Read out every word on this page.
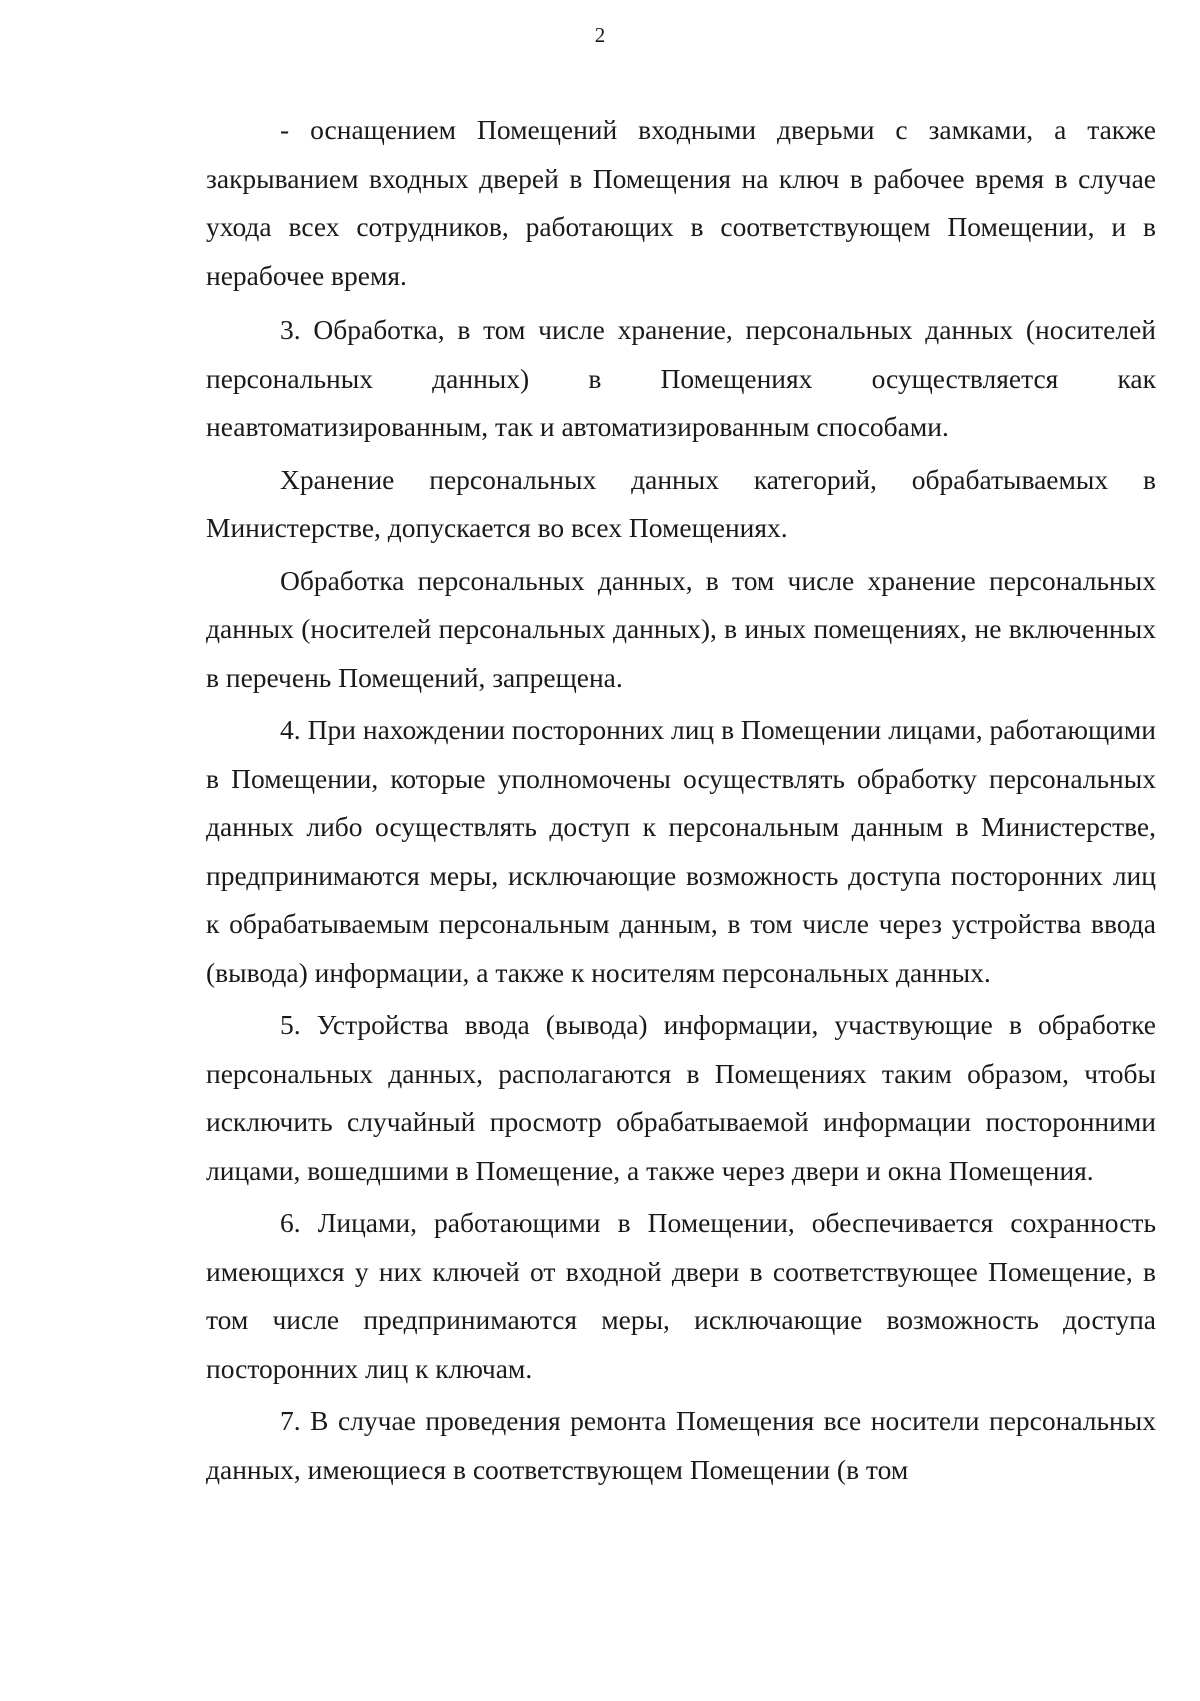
2

- оснащением Помещений входными дверьми с замками, а также закрыванием входных дверей в Помещения на ключ в рабочее время в случае ухода всех сотрудников, работающих в соответствующем Помещении, и в нерабочее время.

3. Обработка, в том числе хранение, персональных данных (носителей персональных данных) в Помещениях осуществляется как неавтоматизированным, так и автоматизированным способами.

Хранение персональных данных категорий, обрабатываемых в Министерстве, допускается во всех Помещениях.

Обработка персональных данных, в том числе хранение персональных данных (носителей персональных данных), в иных помещениях, не включенных в перечень Помещений, запрещена.

4. При нахождении посторонних лиц в Помещении лицами, работающими в Помещении, которые уполномочены осуществлять обработку персональных данных либо осуществлять доступ к персональным данным в Министерстве, предпринимаются меры, исключающие возможность доступа посторонних лиц к обрабатываемым персональным данным, в том числе через устройства ввода (вывода) информации, а также к носителям персональных данных.

5. Устройства ввода (вывода) информации, участвующие в обработке персональных данных, располагаются в Помещениях таким образом, чтобы исключить случайный просмотр обрабатываемой информации посторонними лицами, вошедшими в Помещение, а также через двери и окна Помещения.

6. Лицами, работающими в Помещении, обеспечивается сохранность имеющихся у них ключей от входной двери в соответствующее Помещение, в том числе предпринимаются меры, исключающие возможность доступа посторонних лиц к ключам.

7. В случае проведения ремонта Помещения все носители персональных данных, имеющиеся в соответствующем Помещении (в том
